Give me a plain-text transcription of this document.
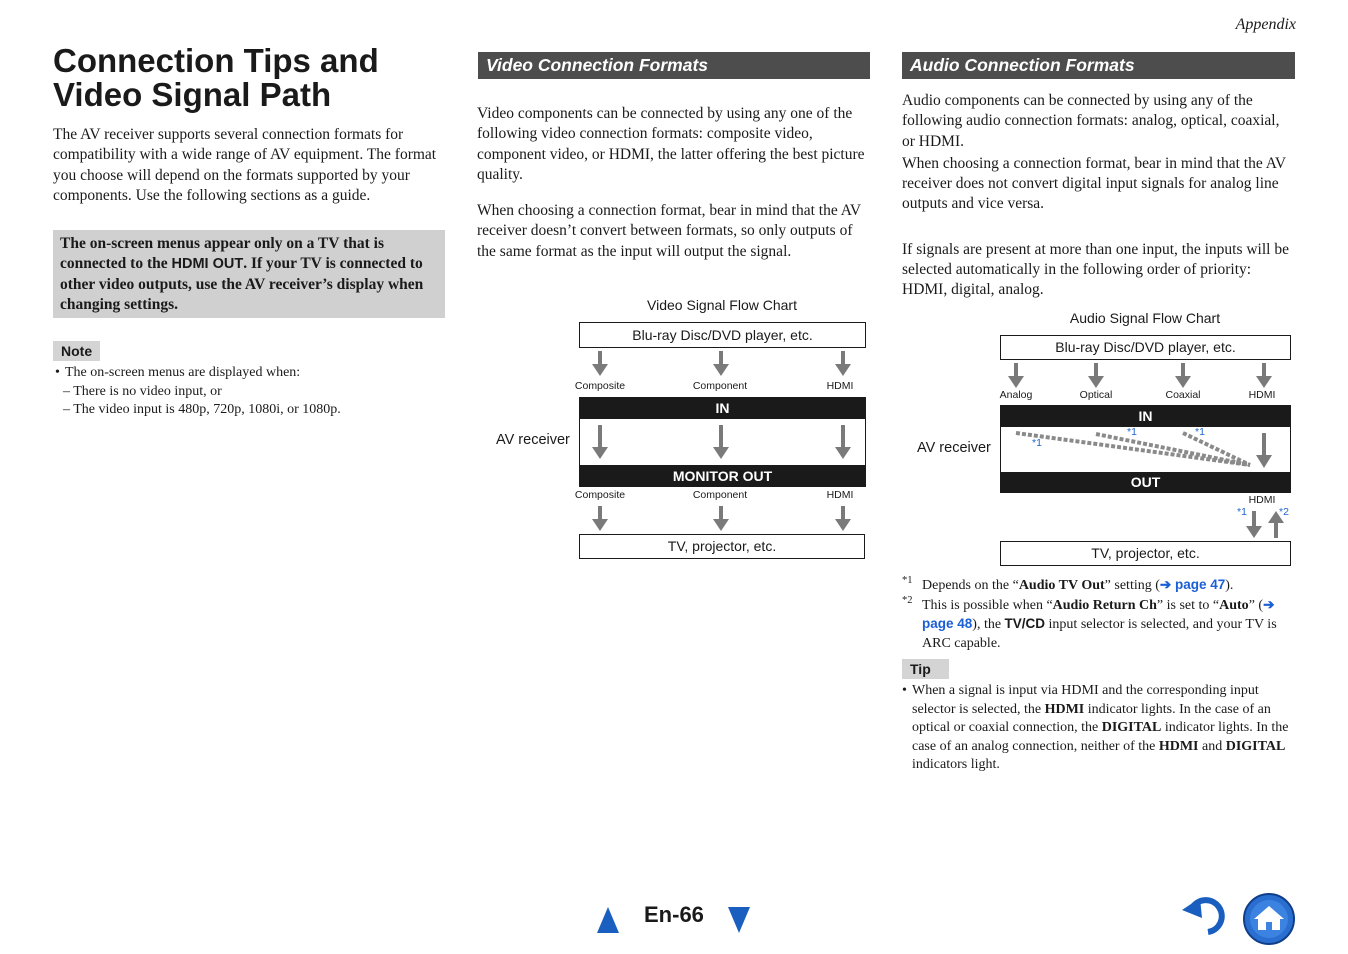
Appendix
Connection Tips and
Video Signal Path
The AV receiver supports several connection formats for compatibility with a wide range of AV equipment. The format you choose will depend on the formats supported by your components. Use the following sections as a guide.
The on-screen menus appear only on a TV that is connected to the HDMI OUT. If your TV is connected to other video outputs, use the AV receiver’s display when changing settings.
Note
• The on-screen menus are displayed when:
– There is no video input, or
– The video input is 480p, 720p, 1080i, or 1080p.
Video Connection Formats
Video components can be connected by using any one of the following video connection formats: composite video, component video, or HDMI, the latter offering the best picture quality.
When choosing a connection format, bear in mind that the AV receiver doesn’t convert between formats, so only outputs of the same format as the input will output the signal.
Video Signal Flow Chart
Blu-ray Disc/DVD player, etc.
Composite	Component	HDMI
IN
MONITOR OUT
AV receiver
Composite	Component	HDMI
TV, projector, etc.
Audio Connection Formats
Audio components can be connected by using any of the following audio connection formats: analog, optical, coaxial, or HDMI.
When choosing a connection format, bear in mind that the AV receiver does not convert digital input signals for analog line outputs and vice versa.
If signals are present at more than one input, the inputs will be selected automatically in the following order of priority: HDMI, digital, analog.
Audio Signal Flow Chart
Blu-ray Disc/DVD player, etc.
Analog	Optical	Coaxial	HDMI
IN
*1
*1	*1
OUT
AV receiver
HDMI
*1	*2
TV, projector, etc.
*1 Depends on the “Audio TV Out” setting (➔ page 47).
*2 This is possible when “Audio Return Ch” is set to “Auto” (➔ page 48), the TV/CD input selector is selected, and your TV is ARC capable.
Tip
• When a signal is input via HDMI and the corresponding input selector is selected, the HDMI indicator lights. In the case of an optical or coaxial connection, the DIGITAL indicator lights. In the case of an analog connection, neither of the HDMI and DIGITAL indicators light.
En-66
